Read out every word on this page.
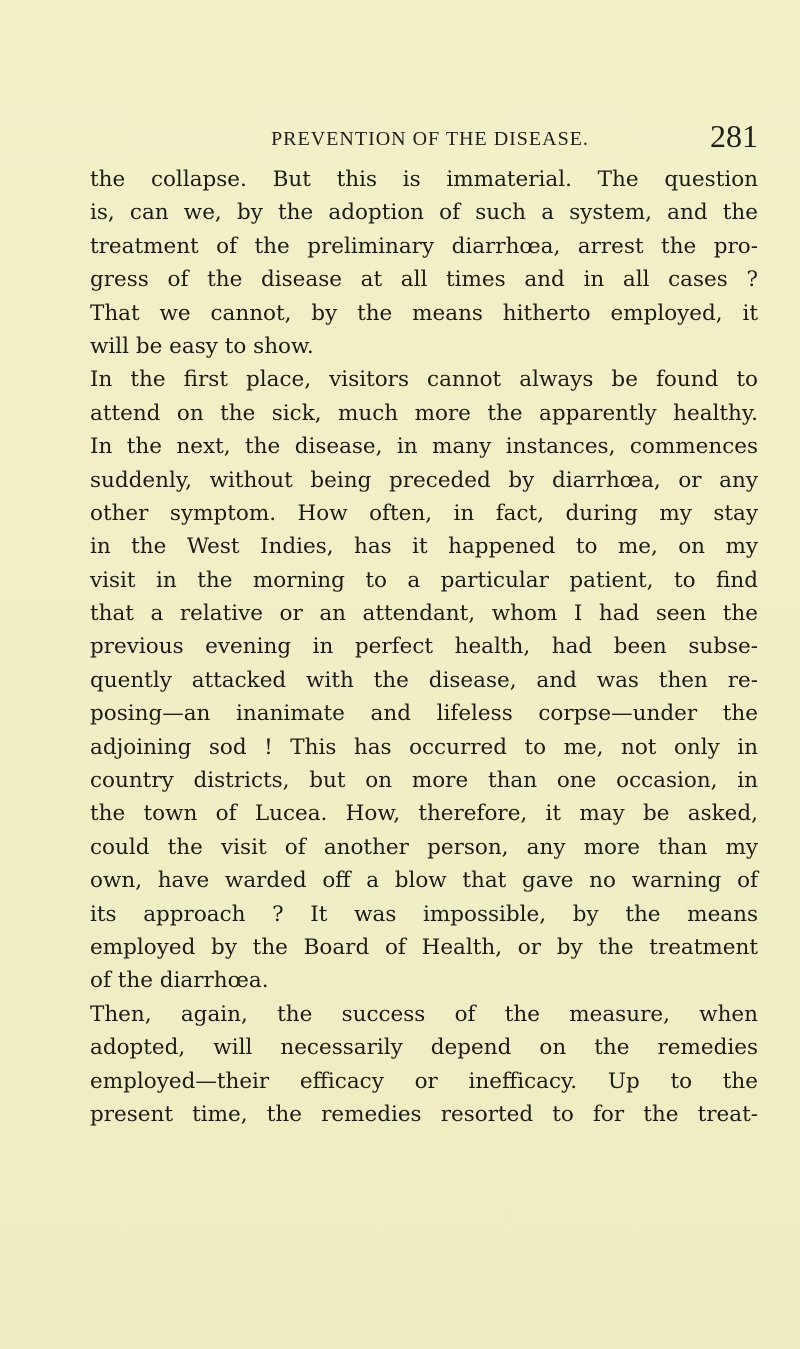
PREVENTION OF THE DISEASE.	281
the collapse. But this is immaterial. The question
is, can we, by the adoption of such a system, and the
treatment of the preliminary diarrhœa, arrest the pro-
gress of the disease at all times and in all cases ?
That we cannot, by the means hitherto employed, it
will be easy to show.
In the first place, visitors cannot always be found to
attend on the sick, much more the apparently healthy.
In the next, the disease, in many instances, commences
suddenly, without being preceded by diarrhœa, or any
other symptom. How often, in fact, during my stay
in the West Indies, has it happened to me, on my
visit in the morning to a particular patient, to find
that a relative or an attendant, whom I had seen the
previous evening in perfect health, had been subse-
quently attacked with the disease, and was then re-
posing—an inanimate and lifeless corpse—under the
adjoining sod ! This has occurred to me, not only in
country districts, but on more than one occasion, in
the town of Lucea. How, therefore, it may be asked,
could the visit of another person, any more than my
own, have warded off a blow that gave no warning of
its approach ? It was impossible, by the means
employed by the Board of Health, or by the treatment
of the diarrhœa.
Then, again, the success of the measure, when
adopted, will necessarily depend on the remedies
employed—their efficacy or inefficacy. Up to the
present time, the remedies resorted to for the treat-
